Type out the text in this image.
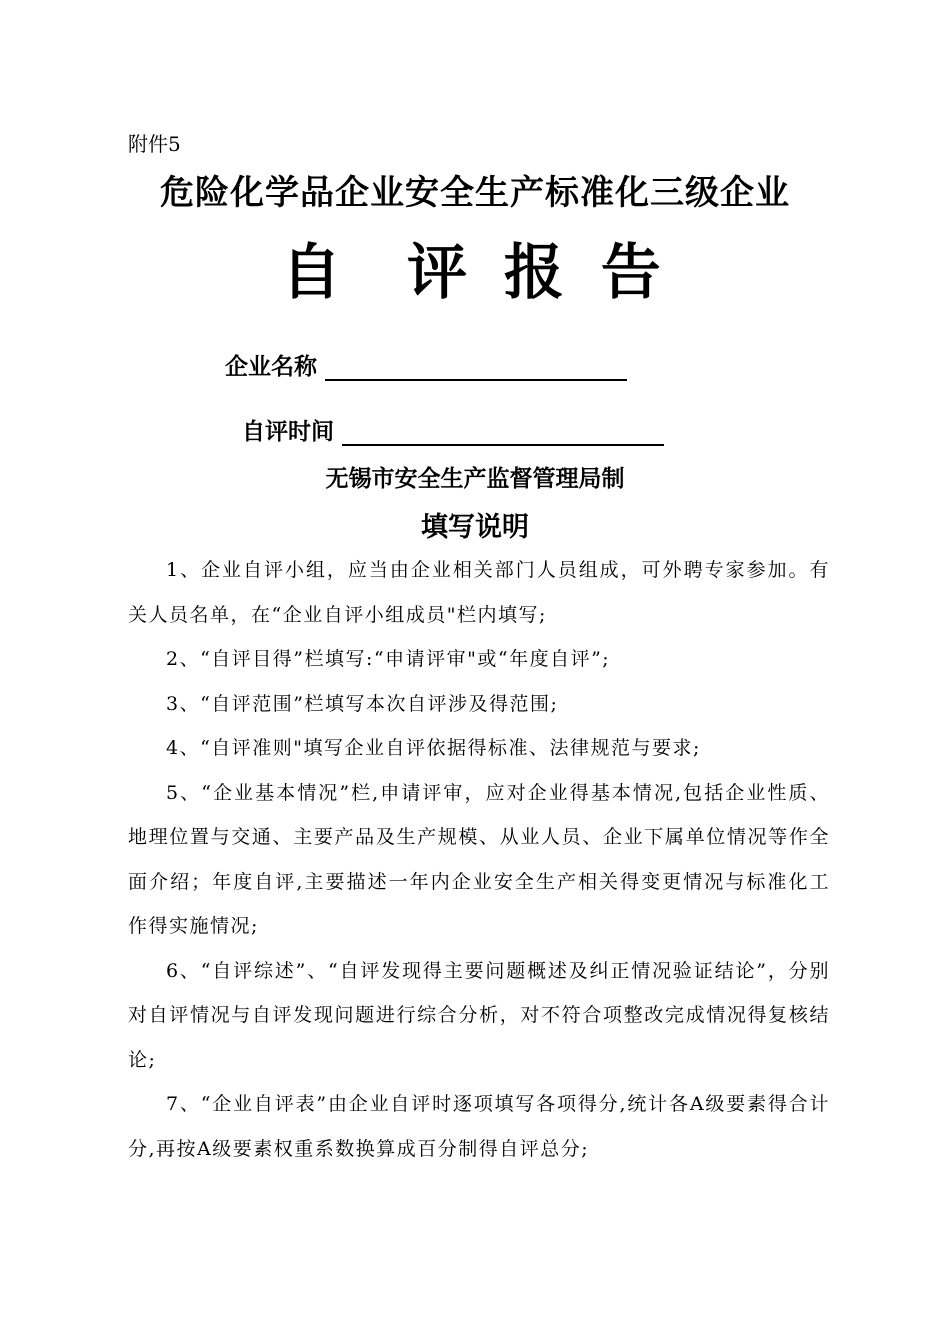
附件5
危险化学品企业安全生产标准化三级企业
自  评 报 告
企业名称
自评时间
无锡市安全生产监督管理局制
填写说明

1、企业自评小组，应当由企业相关部门人员组成，可外聘专家参加。有关人员名单，在“企业自评小组成员"栏内填写;

2、“自评目得”栏填写:“申请评审"或“年度自评”;

3、“自评范围”栏填写本次自评涉及得范围;

4、“自评准则"填写企业自评依据得标准、法律规范与要求;

5、“企业基本情况”栏,申请评审，应对企业得基本情况,包括企业性质、地理位置与交通、主要产品及生产规模、从业人员、企业下属单位情况等作全面介绍；年度自评,主要描述一年内企业安全生产相关得变更情况与标准化工作得实施情况;

6、“自评综述”、“自评发现得主要问题概述及纠正情况验证结论”，分别对自评情况与自评发现问题进行综合分析，对不符合项整改完成情况得复核结论;

7、“企业自评表”由企业自评时逐项填写各项得分,统计各A级要素得合计分,再按A级要素权重系数换算成百分制得自评总分;
